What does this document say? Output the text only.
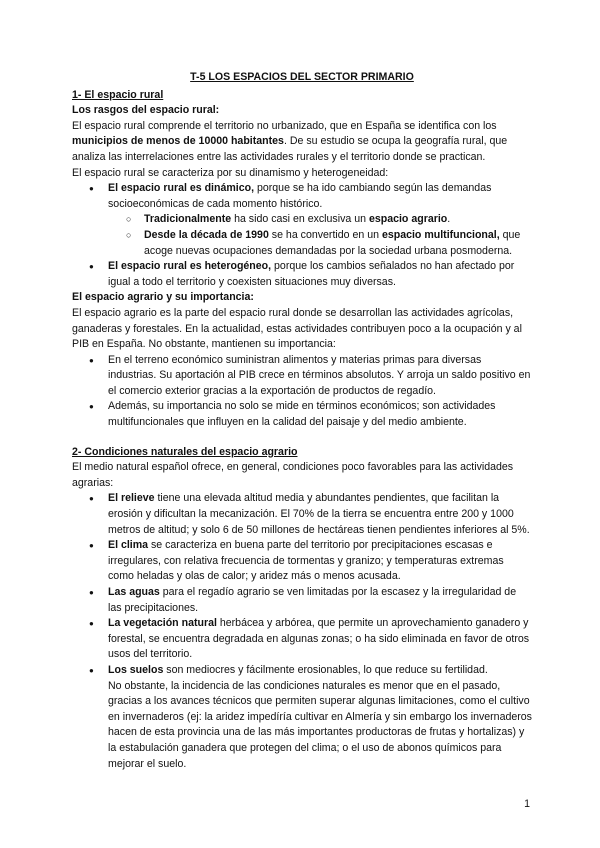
T-5 LOS ESPACIOS DEL SECTOR PRIMARIO

1- El espacio rural

Los rasgos del espacio rural:

El espacio rural comprende el territorio no urbanizado, que en España se identifica con los municipios de menos de 10000 habitantes. De su estudio se ocupa la geografía rural, que analiza las interrelaciones entre las actividades rurales y el territorio donde se practican.

El espacio rural se caracteriza por su dinamismo y heterogeneidad:

● El espacio rural es dinámico, porque se ha ido cambiando según las demandas socioeconómicas de cada momento histórico.
○ Tradicionalmente ha sido casi en exclusiva un espacio agrario.
○ Desde la década de 1990 se ha convertido en un espacio multifuncional, que acoge nuevas ocupaciones demandadas por la sociedad urbana posmoderna.
● El espacio rural es heterogéneo, porque los cambios señalados no han afectado por igual a todo el territorio y coexisten situaciones muy diversas.

El espacio agrario y su importancia:

El espacio agrario es la parte del espacio rural donde se desarrollan las actividades agrícolas, ganaderas y forestales. En la actualidad, estas actividades contribuyen poco a la ocupación y al PIB en España. No obstante, mantienen su importancia:

● En el terreno económico suministran alimentos y materias primas para diversas industrias. Su aportación al PIB crece en términos absolutos. Y arroja un saldo positivo en el comercio exterior gracias a la exportación de productos de regadío.
● Además, su importancia no solo se mide en términos económicos; son actividades multifuncionales que influyen en la calidad del paisaje y del medio ambiente.

2- Condiciones naturales del espacio agrario

El medio natural español ofrece, en general, condiciones poco favorables para las actividades agrarias:

● El relieve tiene una elevada altitud media y abundantes pendientes, que facilitan la erosión y dificultan la mecanización. El 70% de la tierra se encuentra entre 200 y 1000 metros de altitud; y solo 6 de 50 millones de hectáreas tienen pendientes inferiores al 5%.
● El clima se caracteriza en buena parte del territorio por precipitaciones escasas e irregulares, con relativa frecuencia de tormentas y granizo; y temperaturas extremas como heladas y olas de calor; y aridez más o menos acusada.
● Las aguas para el regadío agrario se ven limitadas por la escasez y la irregularidad de las precipitaciones.
● La vegetación natural herbácea y arbórea, que permite un aprovechamiento ganadero y forestal, se encuentra degradada en algunas zonas; o ha sido eliminada en favor de otros usos del territorio.
● Los suelos son mediocres y fácilmente erosionables, lo que reduce su fertilidad.

No obstante, la incidencia de las condiciones naturales es menor que en el pasado, gracias a los avances técnicos que permiten superar algunas limitaciones, como el cultivo en invernaderos (ej: la aridez impedíría cultivar en Almería y sin embargo los invernaderos hacen de esta provincia una de las más importantes productoras de frutas y hortalizas) y la estabulación ganadera que protegen del clima; o el uso de abonos químicos para mejorar el suelo.

1
